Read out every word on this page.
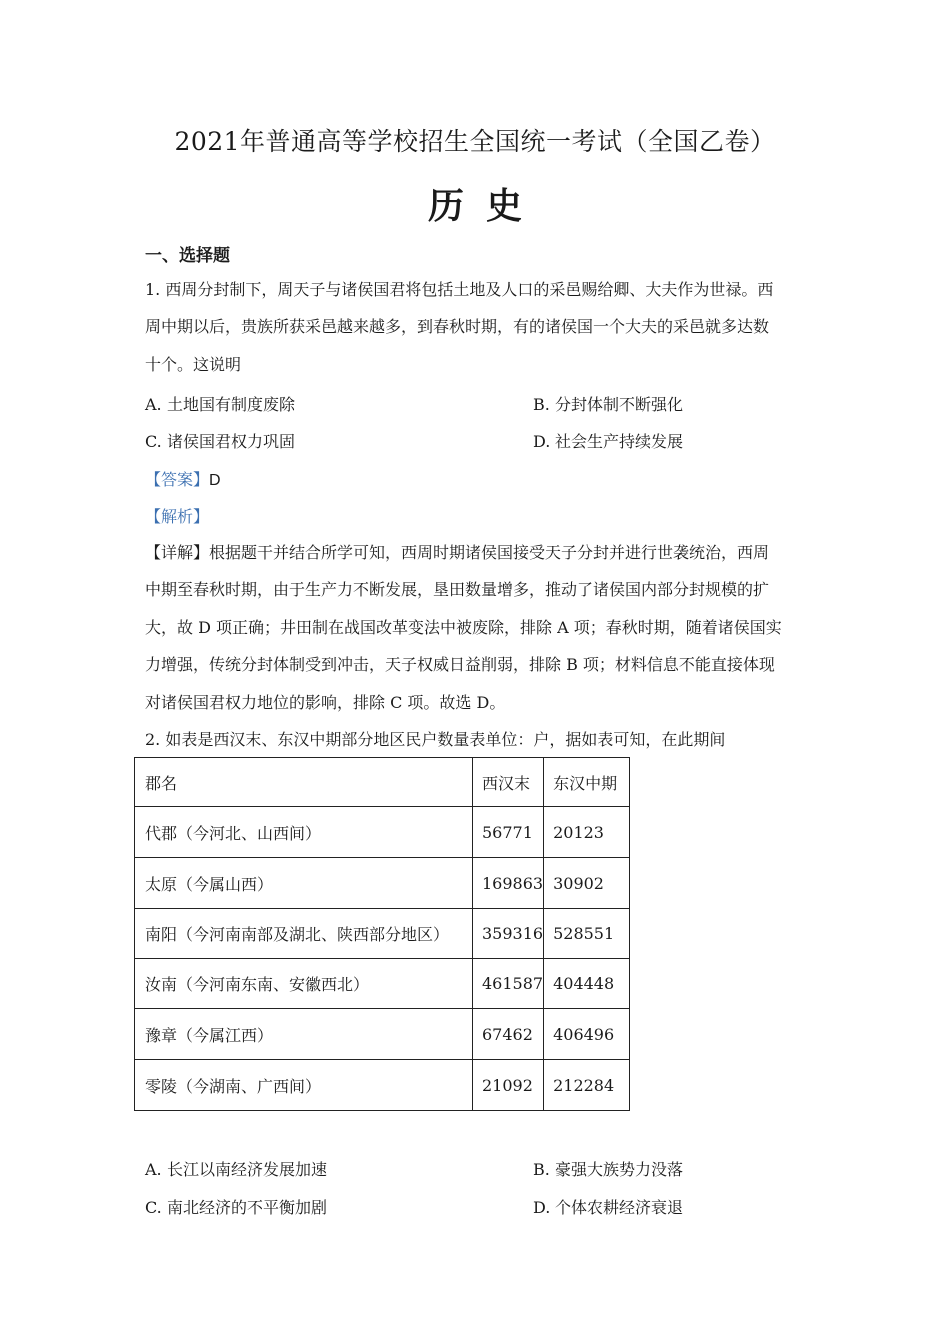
2021年普通高等学校招生全国统一考试（全国乙卷）
历史
一、选择题
1. 西周分封制下，周天子与诸侯国君将包括土地及人口的采邑赐给卿、大夫作为世禄。西
周中期以后，贵族所获采邑越来越多，到春秋时期，有的诸侯国一个大夫的采邑就多达数
十个。这说明
A. 土地国有制度废除	B. 分封体制不断强化
C. 诸侯国君权力巩固	D. 社会生产持续发展
【答案】D
【解析】
【详解】根据题干并结合所学可知，西周时期诸侯国接受天子分封并进行世袭统治，西周
中期至春秋时期，由于生产力不断发展，垦田数量增多，推动了诸侯国内部分封规模的扩
大，故 D 项正确；井田制在战国改革变法中被废除，排除 A 项；春秋时期，随着诸侯国实
力增强，传统分封体制受到冲击，天子权威日益削弱，排除 B 项；材料信息不能直接体现
对诸侯国君权力地位的影响，排除 C 项。故选 D。
2. 如表是西汉末、东汉中期部分地区民户数量表单位：户，据如表可知，在此期间
郡名	西汉末	东汉中期
代郡（今河北、山西间）	56771	20123
太原（今属山西）	169863	30902
南阳（今河南南部及湖北、陕西部分地区）	359316	528551
汝南（今河南东南、安徽西北）	461587	404448
豫章（今属江西）	67462	406496
零陵（今湖南、广西间）	21092	212284
A. 长江以南经济发展加速	B. 豪强大族势力没落
C. 南北经济的不平衡加剧	D. 个体农耕经济衰退
